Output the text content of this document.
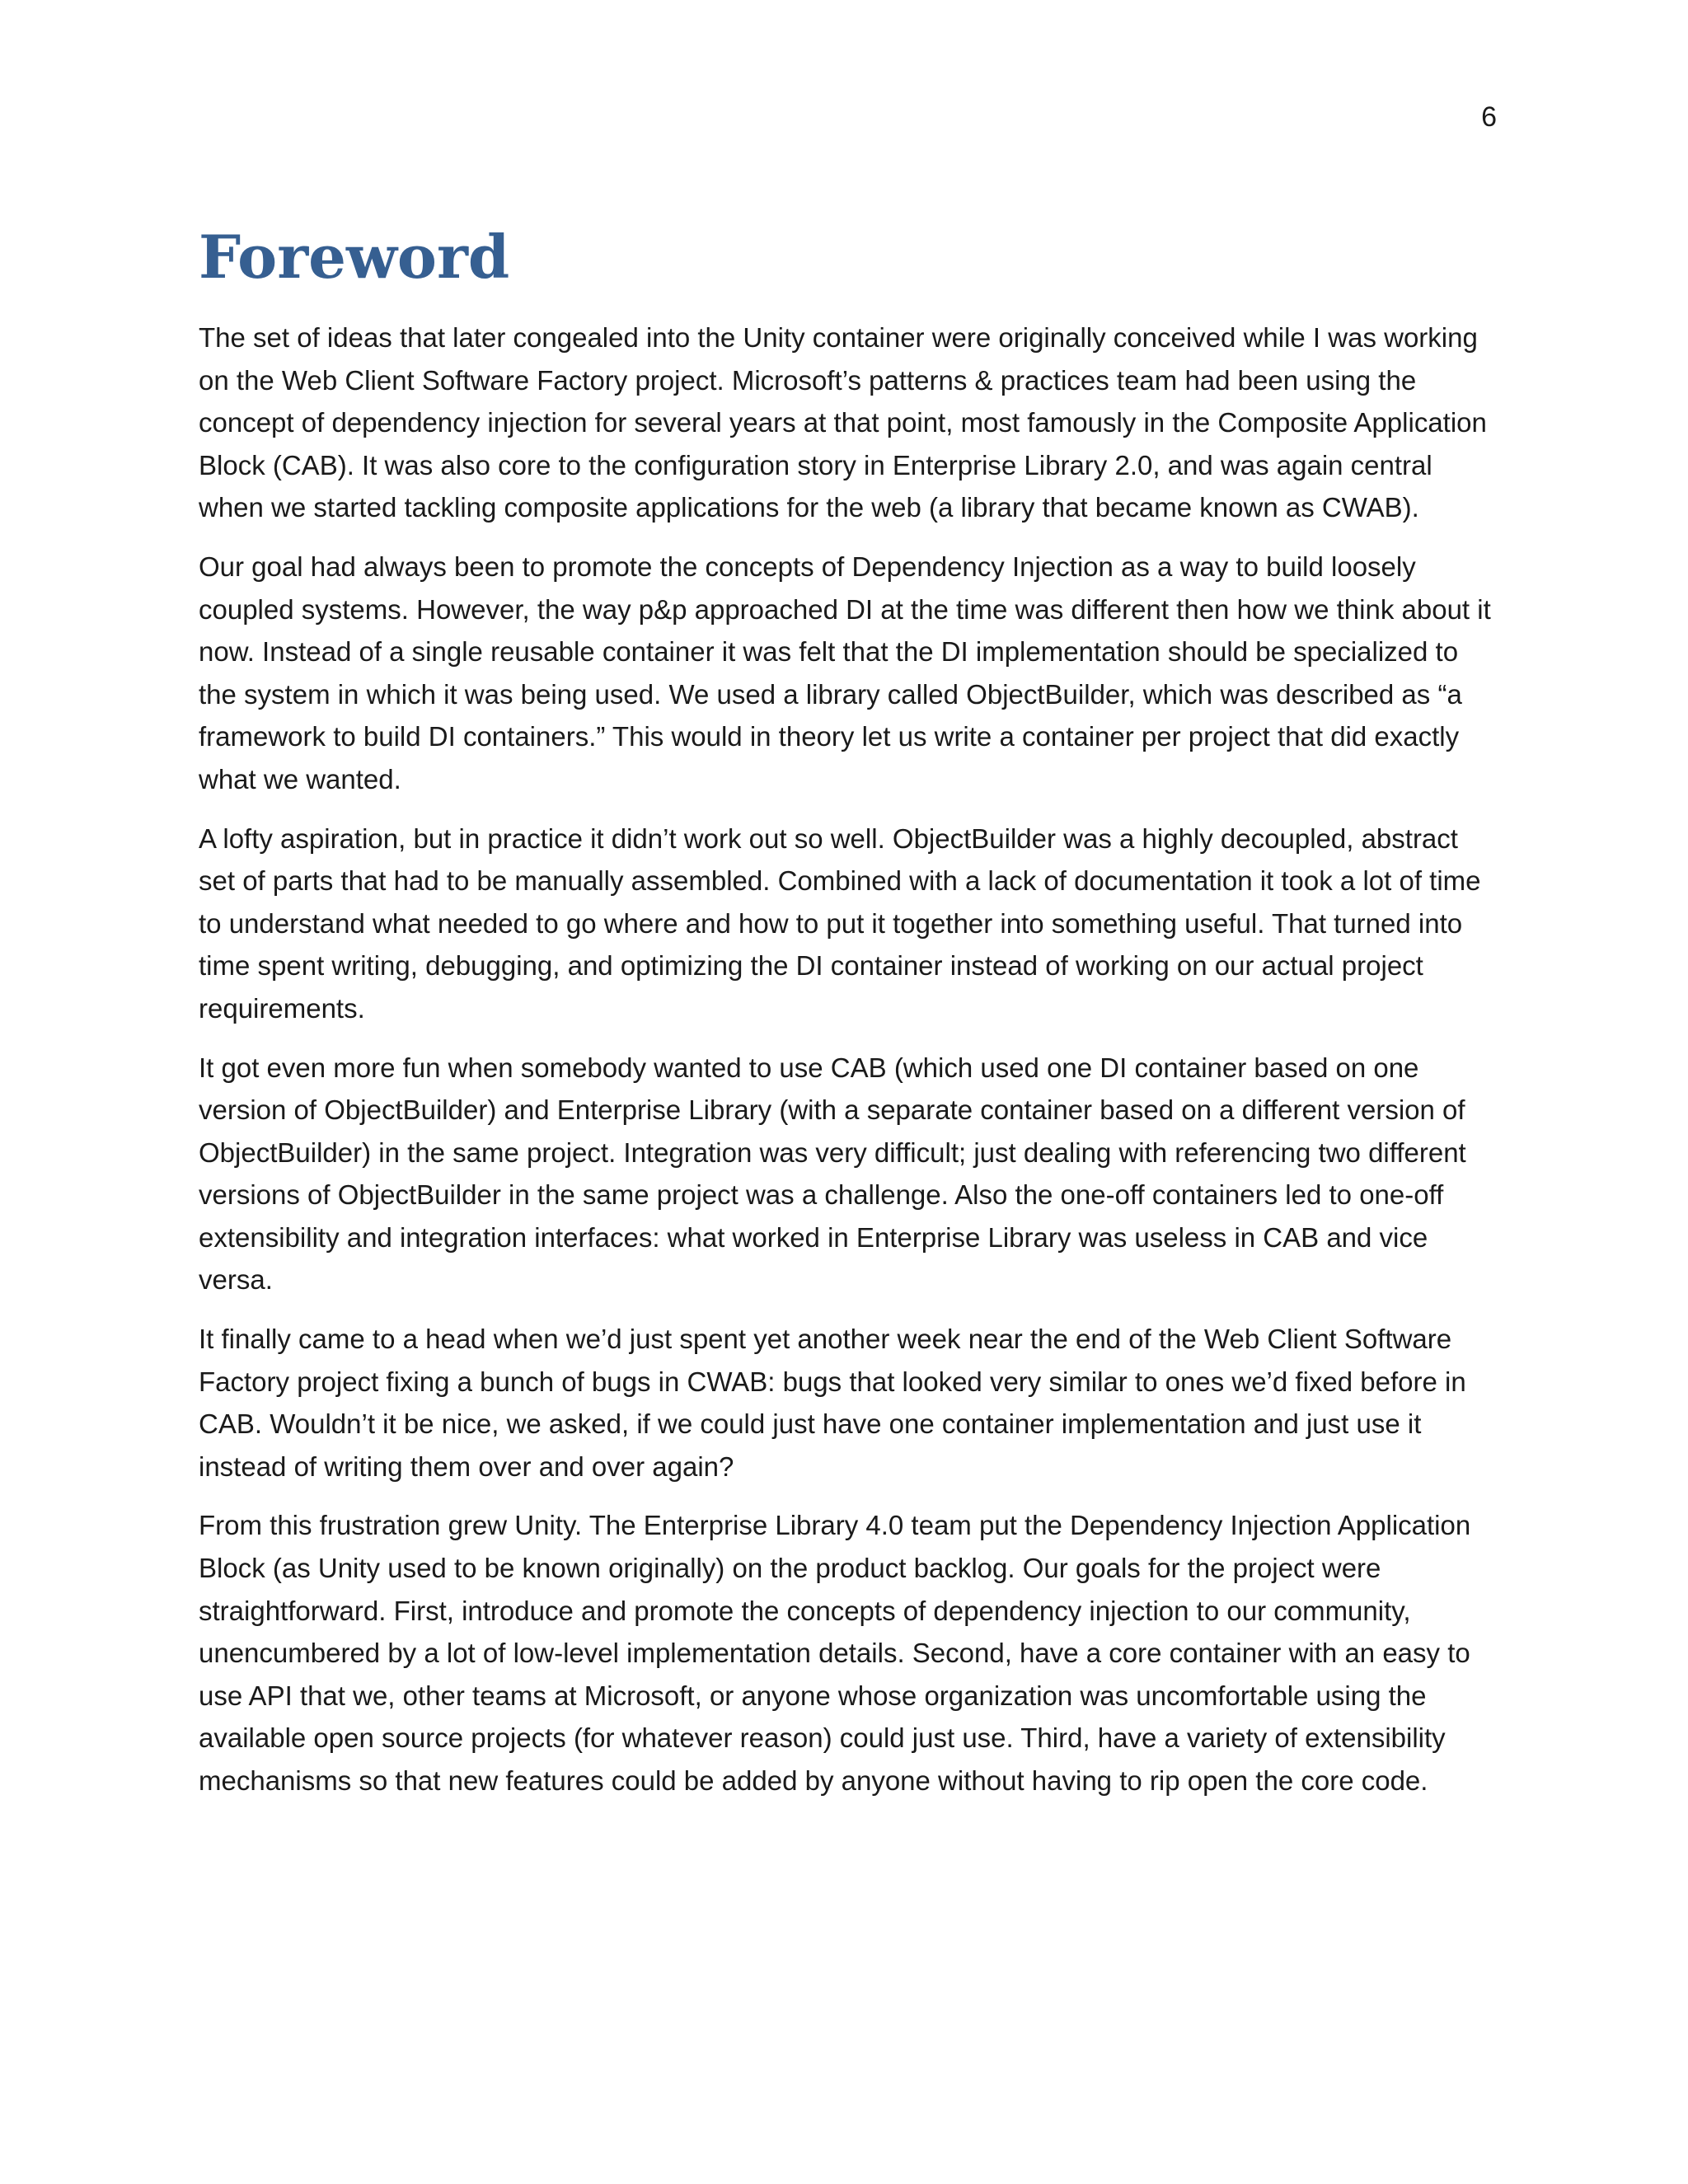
6

Foreword

The set of ideas that later congealed into the Unity container were originally conceived while I was working on the Web Client Software Factory project. Microsoft’s patterns & practices team had been using the concept of dependency injection for several years at that point, most famously in the Composite Application Block (CAB). It was also core to the configuration story in Enterprise Library 2.0, and was again central when we started tackling composite applications for the web (a library that became known as CWAB).

Our goal had always been to promote the concepts of Dependency Injection as a way to build loosely coupled systems. However, the way p&p approached DI at the time was different then how we think about it now. Instead of a single reusable container it was felt that the DI implementation should be specialized to the system in which it was being used. We used a library called ObjectBuilder, which was described as “a framework to build DI containers.” This would in theory let us write a container per project that did exactly what we wanted.

A lofty aspiration, but in practice it didn’t work out so well. ObjectBuilder was a highly decoupled, abstract set of parts that had to be manually assembled. Combined with a lack of documentation it took a lot of time to understand what needed to go where and how to put it together into something useful. That turned into time spent writing, debugging, and optimizing the DI container instead of working on our actual project requirements.

It got even more fun when somebody wanted to use CAB (which used one DI container based on one version of ObjectBuilder) and Enterprise Library (with a separate container based on a different version of ObjectBuilder) in the same project. Integration was very difficult; just dealing with referencing two different versions of ObjectBuilder in the same project was a challenge. Also the one-off containers led to one-off extensibility and integration interfaces: what worked in Enterprise Library was useless in CAB and vice versa.

It finally came to a head when we’d just spent yet another week near the end of the Web Client Software Factory project fixing a bunch of bugs in CWAB: bugs that looked very similar to ones we’d fixed before in CAB. Wouldn’t it be nice, we asked, if we could just have one container implementation and just use it instead of writing them over and over again?

From this frustration grew Unity. The Enterprise Library 4.0 team put the Dependency Injection Application Block (as Unity used to be known originally) on the product backlog. Our goals for the project were straightforward. First, introduce and promote the concepts of dependency injection to our community, unencumbered by a lot of low-level implementation details. Second, have a core container with an easy to use API that we, other teams at Microsoft, or anyone whose organization was uncomfortable using the available open source projects (for whatever reason) could just use. Third, have a variety of extensibility mechanisms so that new features could be added by anyone without having to rip open the core code.
